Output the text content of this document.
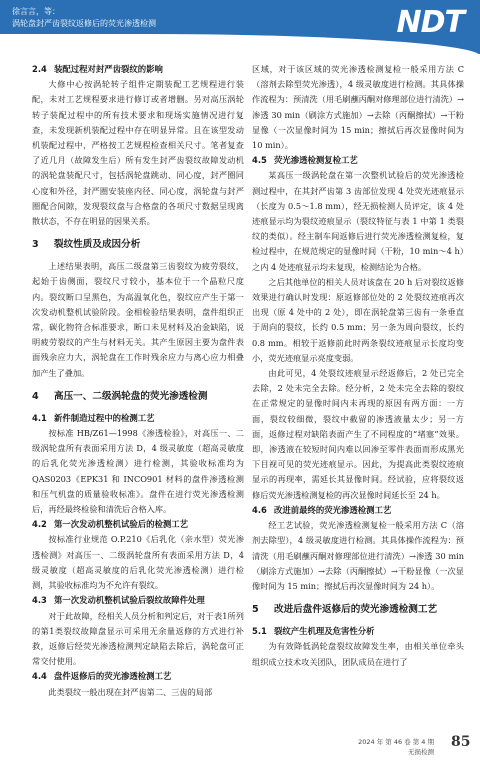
徐言言，等：
涡轮盘封严齿裂纹返修后的荧光渗透检测	NDT
2.4 装配过程对封严齿裂纹的影响

大修中心按涡轮转子组件定期装配工艺规程进行装配，未对工艺规程要求进行修订或者增删。另对高压涡轮转子装配过程中的所有技术要求和现场实施情况进行复查，未发现新机装配过程中存在明显异常。且在该型发动机装配过程中，严格按工艺规程检查相关尺寸。笔者复查了近几月（故障发生后）所有发生封严齿裂纹故障发动机的涡轮盘装配尺寸，包括涡轮盘跳动、同心度，封严圈同心度和外径，封严圈安装座内径、同心度，涡轮盘与封严圈配合间隙，发现裂纹盘与合格盘的各项尺寸数据呈现离散状态，不存在明显的因果关系。

3 裂纹性质及成因分析

上述结果表明，高压二级盘第三齿裂纹为疲劳裂纹，起始于齿侧面，裂纹尺寸较小，基本位于一个晶粒尺度内。裂纹断口呈黑色，为高温氧化色，裂纹应产生于第一次发动机整机试验阶段。金相检验结果表明，盘件组织正常，碳化物符合标准要求，断口未见材料及冶金缺陷，说明疲劳裂纹的产生与材料无关。其产生原因主要为盘件表面残余应力大，涡轮盘在工作时残余应力与离心应力相叠加产生了叠加。

4 高压一、二级涡轮盘的荧光渗透检测
4.1 新件制造过程中的检测工艺

按标准 HB/Z61—1998《渗透检验》，对高压一、二级涡轮盘所有表面采用方法 D，4 级灵敏度（超高灵敏度的后乳化荧光渗透检测）进行检测，其验收标准均为 QAS0203《EPK31 和 INCO901 材料的盘件渗透检测和压气机盘的质量验收标准》。盘件在进行荧光渗透检测后，再经最终检验和清洗后合格入库。

4.2 第一次发动机整机试验后的检测工艺

按标准行业规范 O.P.210《后乳化（亲水型）荧光渗透检测》对高压一、二级涡轮盘所有表面采用方法 D，4 级灵敏度（超高灵敏度的后乳化荧光渗透检测）进行检测，其验收标准均为不允许有裂纹。

4.3 第一次发动机整机试验后裂纹故障件处理

对于此故障，经相关人员分析和判定后，对于表1所列的第1类裂纹故障盘显示可采用无余量返修的方式进行补救，返修后经荧光渗透检测判定缺陷去除后，涡轮盘可正常交付使用。

4.4 盘件返修后的荧光渗透检测工艺

此类裂纹一般出现在封严齿第二、三齿的局部

区域，对于该区域的荧光渗透检测复检一般采用方法 C（溶剂去除型荧光渗透），4 级灵敏度进行检测。其具体操作流程为：预清洗（用毛刷蘸丙酮对修理部位进行清洗）→渗透 30 min（刷涂方式施加）→去除（丙酮擦拭）→干粉显像（一次显像时间为 15 min；擦拭后再次显像时间为 10 min）。

4.5 荧光渗透检测复检工艺

某高压一级涡轮盘在第一次整机试验后的荧光渗透检测过程中，在其封严齿第 3 齿部位发现 4 处荧光迹痕显示（长度为 0.5～1.8 mm），经无损检测人员评定，该 4 处迹痕显示均为裂纹迹痕显示（裂纹特征与表 1 中第 1 类裂纹的类似）。经主制车间返修后进行荧光渗透检测复检，复检过程中，在规范规定的显像时间（干粉，10 min～4 h）之内 4 处迹痕显示均未复现，检测结论为合格。

之后其他单位的相关人员对该盘在 20 h 后对裂纹返修效果进行确认时发现：原返修部位处的 2 处裂纹迹痕再次出现（原 4 处中的 2 处），即在涡轮盘第三齿有一条垂直于周向的裂纹，长约 0.5 mm；另一条为周向裂纹，长约 0.8 mm。相较于返修前此时两条裂纹迹痕显示长度均变小，荧光迹痕显示亮度变弱。

由此可见，4 处裂纹迹痕显示经返修后，2 处已完全去除，2 处未完全去除。经分析，2 处未完全去除的裂纹在正常规定的显像时间内未再现的原因有两方面：一方面，裂纹较细微，裂纹中截留的渗透液量太少；另一方面，返修过程对缺陷表面产生了不同程度的“堵塞”效果。即，渗透液在较短时间内难以回渗至零件表面而形成黑光下目视可见的荧光迹痕显示。因此，为提高此类裂纹迹痕显示的再现率，需延长其显像时间。经试验，应将裂纹返修后荧光渗透检测复检的再次显像时间延长至 24 h。

4.6 改进前最终的荧光渗透检测工艺

经工艺试验，荧光渗透检测复检一般采用方法 C（溶剂去除型），4 级灵敏度进行检测。其具体操作流程为：预清洗（用毛刷蘸丙酮对修理部位进行清洗）→渗透 30 min（刷涂方式施加）→去除（丙酮擦拭）→干粉显像（一次显像时间为 15 min；擦拭后再次显像时间为 24 h）。

5 改进后盘件返修后的荧光渗透检测工艺
5.1 裂纹产生机理及危害性分析

为有效降低涡轮盘裂纹故障发生率，由相关单位牵头组织成立技术攻关团队，团队成员在进行了

85
2024 年 第 46 卷 第 4 期
无损检测
